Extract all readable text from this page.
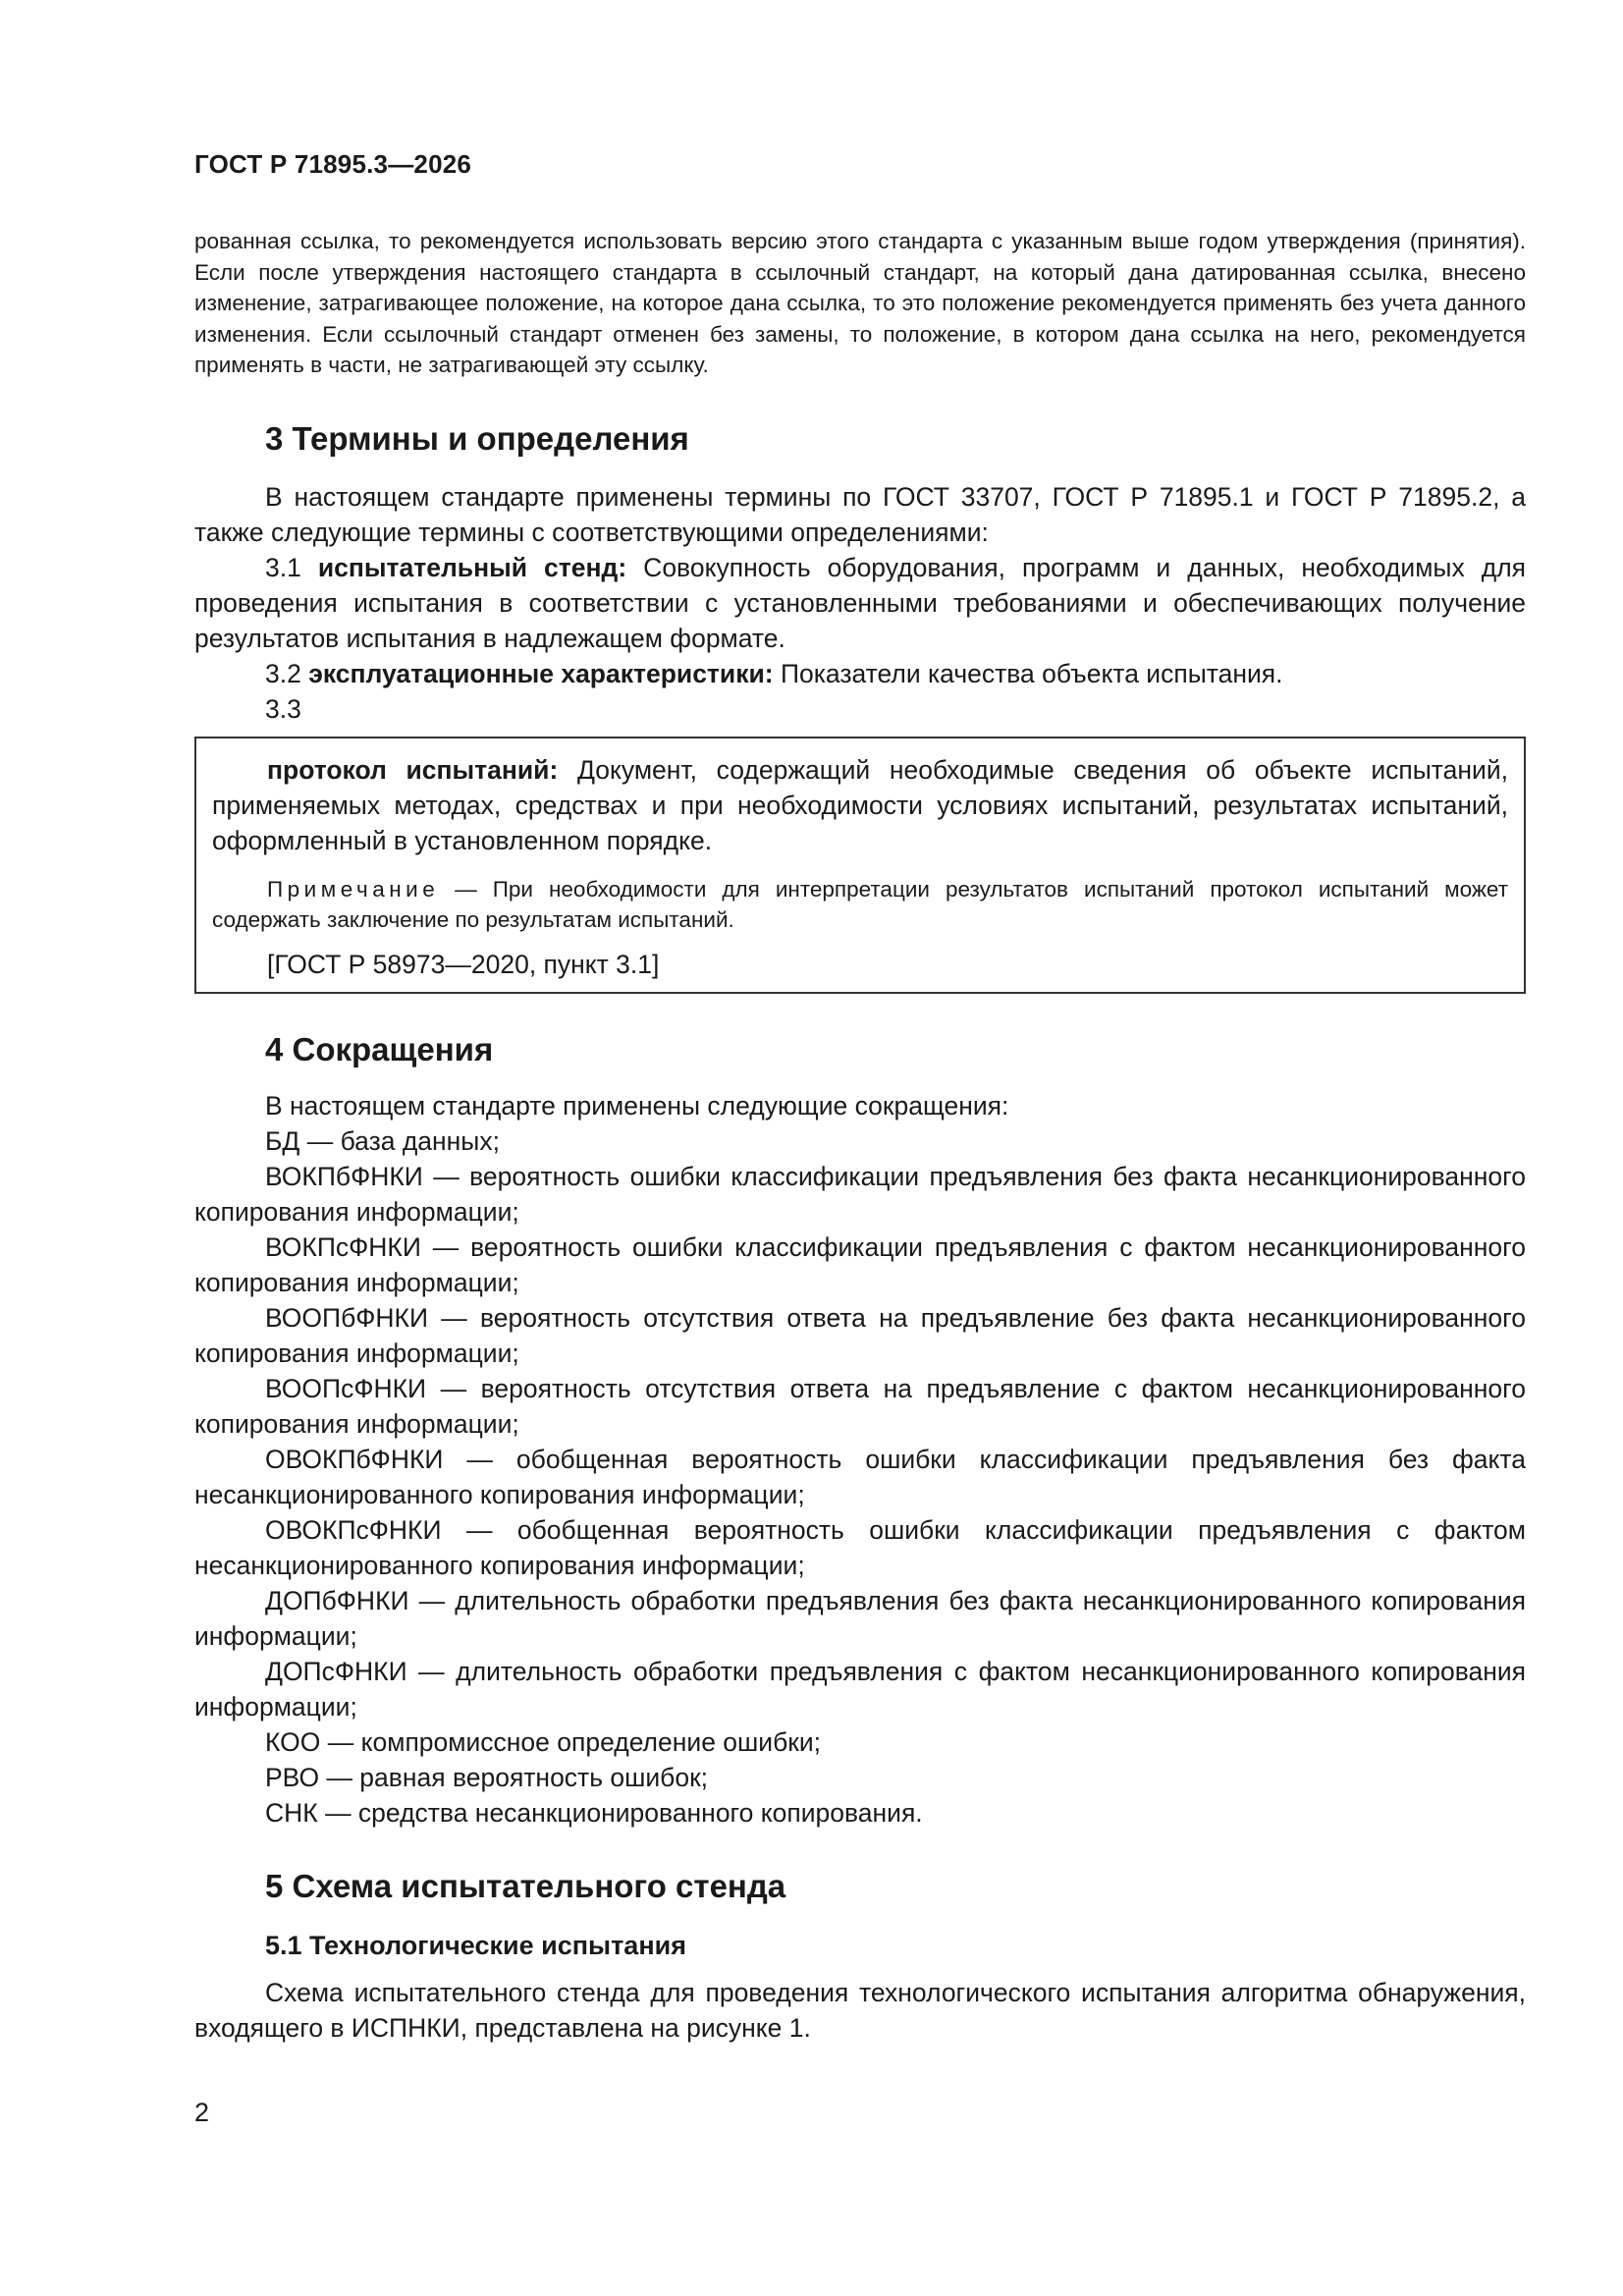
ГОСТ Р 71895.3—2026

рованная ссылка, то рекомендуется использовать версию этого стандарта с указанным выше годом утверждения (принятия). Если после утверждения настоящего стандарта в ссылочный стандарт, на который дана датированная ссылка, внесено изменение, затрагивающее положение, на которое дана ссылка, то это положение рекомендуется применять без учета данного изменения. Если ссылочный стандарт отменен без замены, то положение, в котором дана ссылка на него, рекомендуется применять в части, не затрагивающей эту ссылку.

3 Термины и определения

В настоящем стандарте применены термины по ГОСТ 33707, ГОСТ Р 71895.1 и ГОСТ Р 71895.2, а также следующие термины с соответствующими определениями:

3.1 испытательный стенд: Совокупность оборудования, программ и данных, необходимых для проведения испытания в соответствии с установленными требованиями и обеспечивающих получение результатов испытания в надлежащем формате.

3.2 эксплуатационные характеристики: Показатели качества объекта испытания.

3.3

протокол испытаний: Документ, содержащий необходимые сведения об объекте испытаний, применяемых методах, средствах и при необходимости условиях испытаний, результатах испытаний, оформленный в установленном порядке.

Примечание — При необходимости для интерпретации результатов испытаний протокол испытаний может содержать заключение по результатам испытаний.

[ГОСТ Р 58973—2020, пункт 3.1]

4 Сокращения

В настоящем стандарте применены следующие сокращения:

БД — база данных;

ВОКПбФНКИ — вероятность ошибки классификации предъявления без факта несанкционированного копирования информации;

ВОКПсФНКИ — вероятность ошибки классификации предъявления с фактом несанкционированного копирования информации;

ВООПбФНКИ — вероятность отсутствия ответа на предъявление без факта несанкционированного копирования информации;

ВООПсФНКИ — вероятность отсутствия ответа на предъявление с фактом несанкционированного копирования информации;

ОВОКПбФНКИ — обобщенная вероятность ошибки классификации предъявления без факта несанкционированного копирования информации;

ОВОКПсФНКИ — обобщенная вероятность ошибки классификации предъявления с фактом несанкционированного копирования информации;

ДОПбФНКИ — длительность обработки предъявления без факта несанкционированного копирования информации;

ДОПсФНКИ — длительность обработки предъявления с фактом несанкционированного копирования информации;

КОО — компромиссное определение ошибки;

РВО — равная вероятность ошибок;

СНК — средства несанкционированного копирования.

5 Схема испытательного стенда
5.1 Технологические испытания

Схема испытательного стенда для проведения технологического испытания алгоритма обнаружения, входящего в ИСПНКИ, представлена на рисунке 1.

2
